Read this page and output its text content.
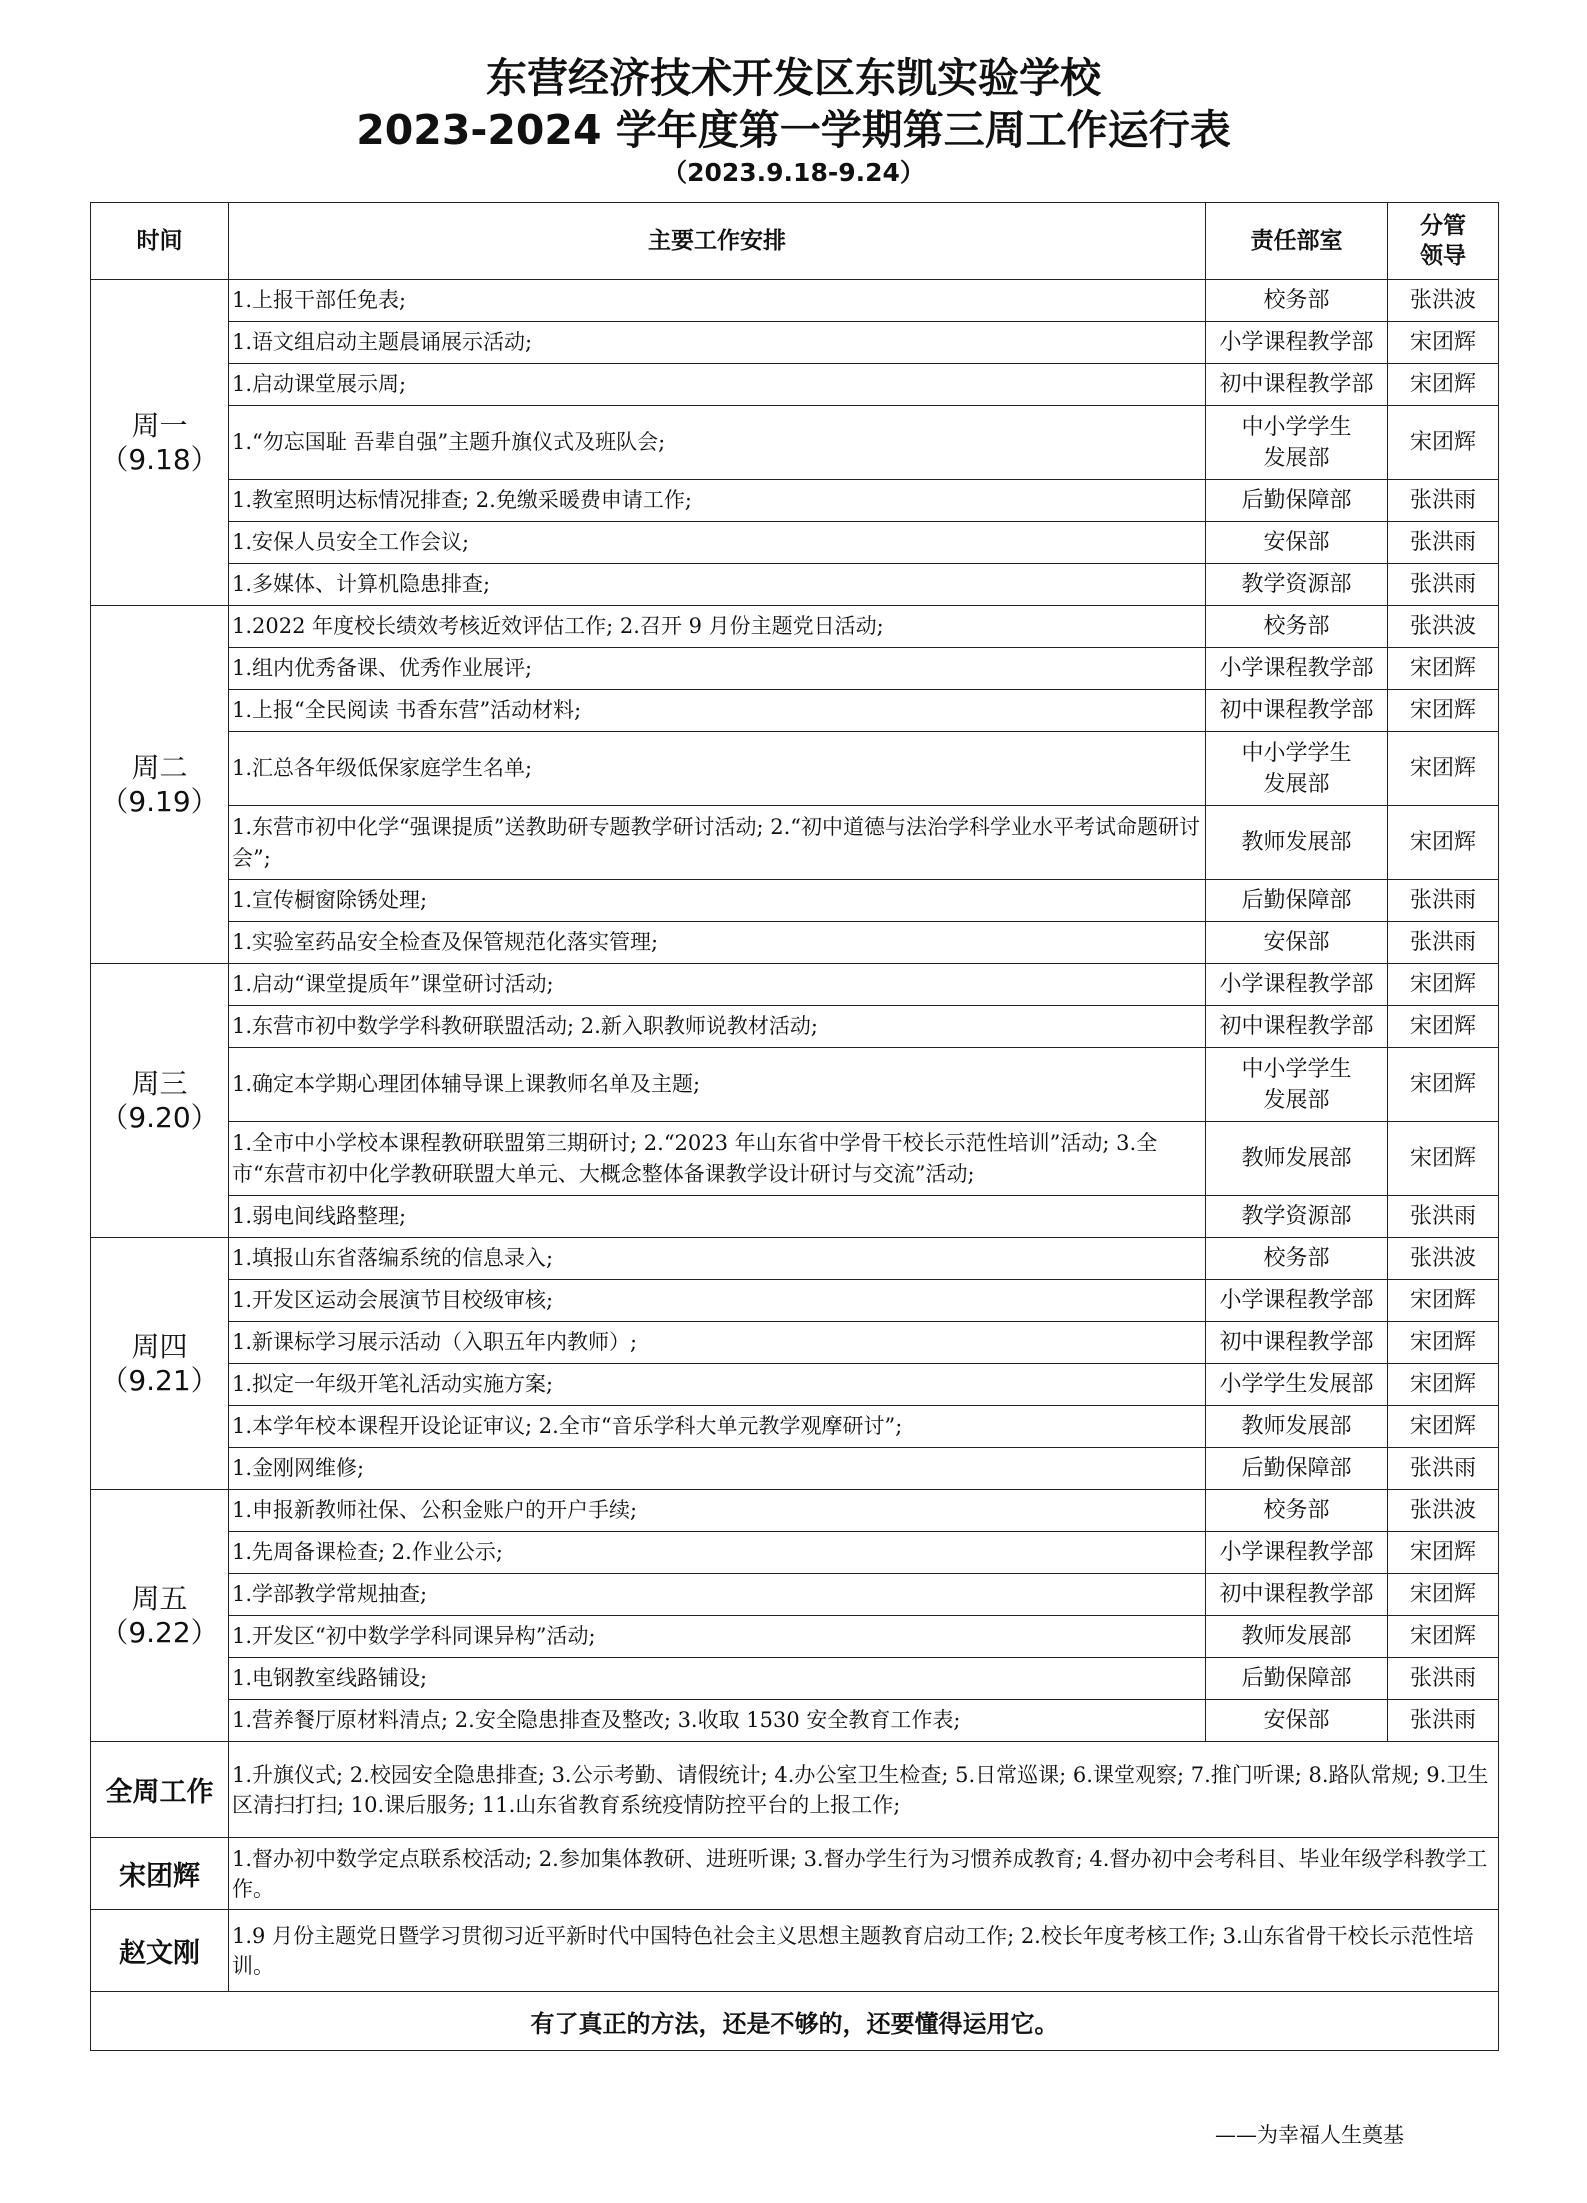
东营经济技术开发区东凯实验学校
2023-2024 学年度第一学期第三周工作运行表
（2023.9.18-9.24）
时间	主要工作安排	责任部室	分管领导

周一
（9.18）	1.上报干部任免表;	校务部	张洪波
	1.语文组启动主题晨诵展示活动;	小学课程教学部	宋团辉
	1.启动课堂展示周;	初中课程教学部	宋团辉
	1.“勿忘国耻 吾辈自强”主题升旗仪式及班队会;	中小学学生发展部	宋团辉
	1.教室照明达标情况排查; 2.免缴采暖费申请工作;	后勤保障部	张洪雨
	1.安保人员安全工作会议;	安保部	张洪雨
	1.多媒体、计算机隐患排查;	教学资源部	张洪雨

周二
（9.19）	1.2022 年度校长绩效考核近效评估工作; 2.召开 9 月份主题党日活动;	校务部	张洪波
	1.组内优秀备课、优秀作业展评;	小学课程教学部	宋团辉
	1.上报“全民阅读 书香东营”活动材料;	初中课程教学部	宋团辉
	1.汇总各年级低保家庭学生名单;	中小学学生发展部	宋团辉
	1.东营市初中化学“强课提质”送教助研专题教学研讨活动; 2.“初中道德与法治学科学业水平考试命题研讨会”;	教师发展部	宋团辉
	1.宣传橱窗除锈处理;	后勤保障部	张洪雨
	1.实验室药品安全检查及保管规范化落实管理;	安保部	张洪雨

周三
（9.20）	1.启动“课堂提质年”课堂研讨活动;	小学课程教学部	宋团辉
	1.东营市初中数学学科教研联盟活动; 2.新入职教师说教材活动;	初中课程教学部	宋团辉
	1.确定本学期心理团体辅导课上课教师名单及主题;	中小学学生发展部	宋团辉
	1.全市中小学校本课程教研联盟第三期研讨; 2.“2023 年山东省中学骨干校长示范性培训”活动; 3.全市“东营市初中化学教研联盟大单元、大概念整体备课教学设计研讨与交流”活动;	教师发展部	宋团辉
	1.弱电间线路整理;	教学资源部	张洪雨

周四
（9.21）	1.填报山东省落编系统的信息录入;	校务部	张洪波
	1.开发区运动会展演节目校级审核;	小学课程教学部	宋团辉
	1.新课标学习展示活动（入职五年内教师）;	初中课程教学部	宋团辉
	1.拟定一年级开笔礼活动实施方案;	小学学生发展部	宋团辉
	1.本学年校本课程开设论证审议; 2.全市“音乐学科大单元教学观摩研讨”;	教师发展部	宋团辉
	1.金刚网维修;	后勤保障部	张洪雨

周五
（9.22）	1.申报新教师社保、公积金账户的开户手续;	校务部	张洪波
	1.先周备课检查; 2.作业公示;	小学课程教学部	宋团辉
	1.学部教学常规抽查;	初中课程教学部	宋团辉
	1.开发区“初中数学学科同课异构”活动;	教师发展部	宋团辉
	1.电钢教室线路铺设;	后勤保障部	张洪雨
	1.营养餐厅原材料清点; 2.安全隐患排查及整改; 3.收取 1530 安全教育工作表;	安保部	张洪雨
全周工作	1.升旗仪式; 2.校园安全隐患排查; 3.公示考勤、请假统计; 4.办公室卫生检查; 5.日常巡课; 6.课堂观察; 7.推门听课; 8.路队常规; 9.卫生区清扫打扫; 10.课后服务; 11.山东省教育系统疫情防控平台的上报工作;		
宋团辉	1.督办初中数学定点联系校活动; 2.参加集体教研、进班听课; 3.督办学生行为习惯养成教育; 4.督办初中会考科目、毕业年级学科教学工作。		
赵文刚	1.9 月份主题党日暨学习贯彻习近平新时代中国特色社会主义思想主题教育启动工作; 2.校长年度考核工作; 3.山东省骨干校长示范性培训。		
有了真正的方法，还是不够的，还要懂得运用它。			
——为幸福人生奠基
